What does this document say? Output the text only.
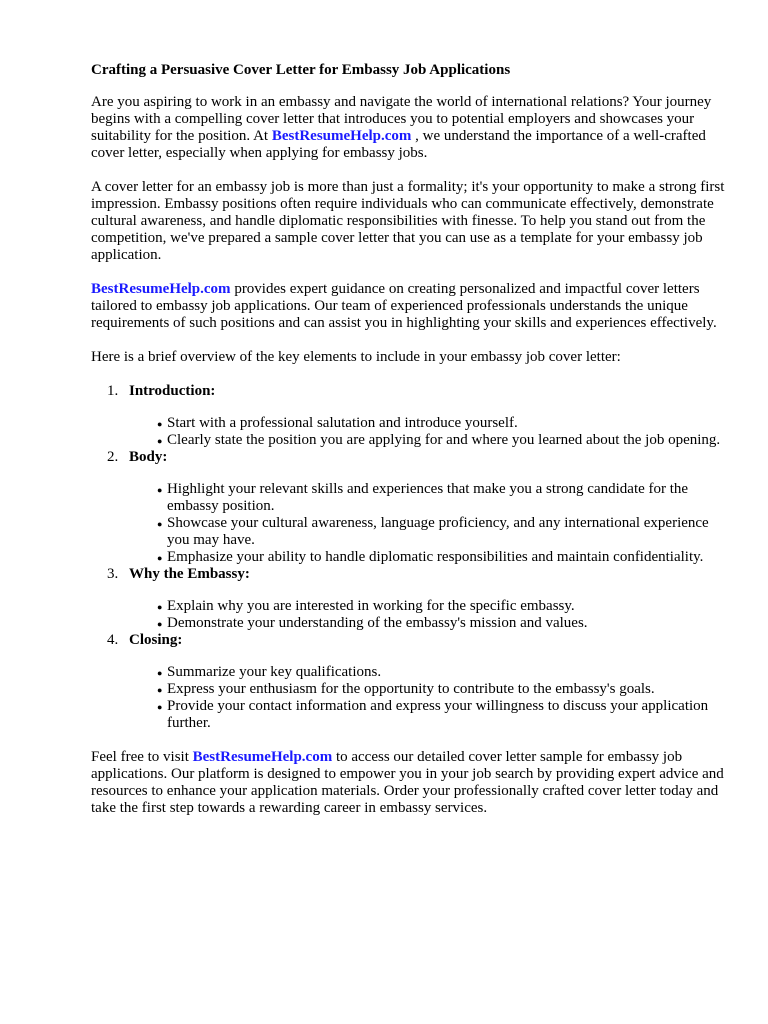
Crafting a Persuasive Cover Letter for Embassy Job Applications

Are you aspiring to work in an embassy and navigate the world of international relations? Your journey begins with a compelling cover letter that introduces you to potential employers and showcases your suitability for the position. At BestResumeHelp.com , we understand the importance of a well-crafted cover letter, especially when applying for embassy jobs.

A cover letter for an embassy job is more than just a formality; it's your opportunity to make a strong first impression. Embassy positions often require individuals who can communicate effectively, demonstrate cultural awareness, and handle diplomatic responsibilities with finesse. To help you stand out from the competition, we've prepared a sample cover letter that you can use as a template for your embassy job application.

BestResumeHelp.com provides expert guidance on creating personalized and impactful cover letters tailored to embassy job applications. Our team of experienced professionals understands the unique requirements of such positions and can assist you in highlighting your skills and experiences effectively.

Here is a brief overview of the key elements to include in your embassy job cover letter:

1. Introduction:
● Start with a professional salutation and introduce yourself.
● Clearly state the position you are applying for and where you learned about the job opening.
2. Body:
● Highlight your relevant skills and experiences that make you a strong candidate for the embassy position.
● Showcase your cultural awareness, language proficiency, and any international experience you may have.
● Emphasize your ability to handle diplomatic responsibilities and maintain confidentiality.
3. Why the Embassy:
● Explain why you are interested in working for the specific embassy.
● Demonstrate your understanding of the embassy's mission and values.
4. Closing:
● Summarize your key qualifications.
● Express your enthusiasm for the opportunity to contribute to the embassy's goals.
● Provide your contact information and express your willingness to discuss your application further.

Feel free to visit BestResumeHelp.com to access our detailed cover letter sample for embassy job applications. Our platform is designed to empower you in your job search by providing expert advice and resources to enhance your application materials. Order your professionally crafted cover letter today and take the first step towards a rewarding career in embassy services.
